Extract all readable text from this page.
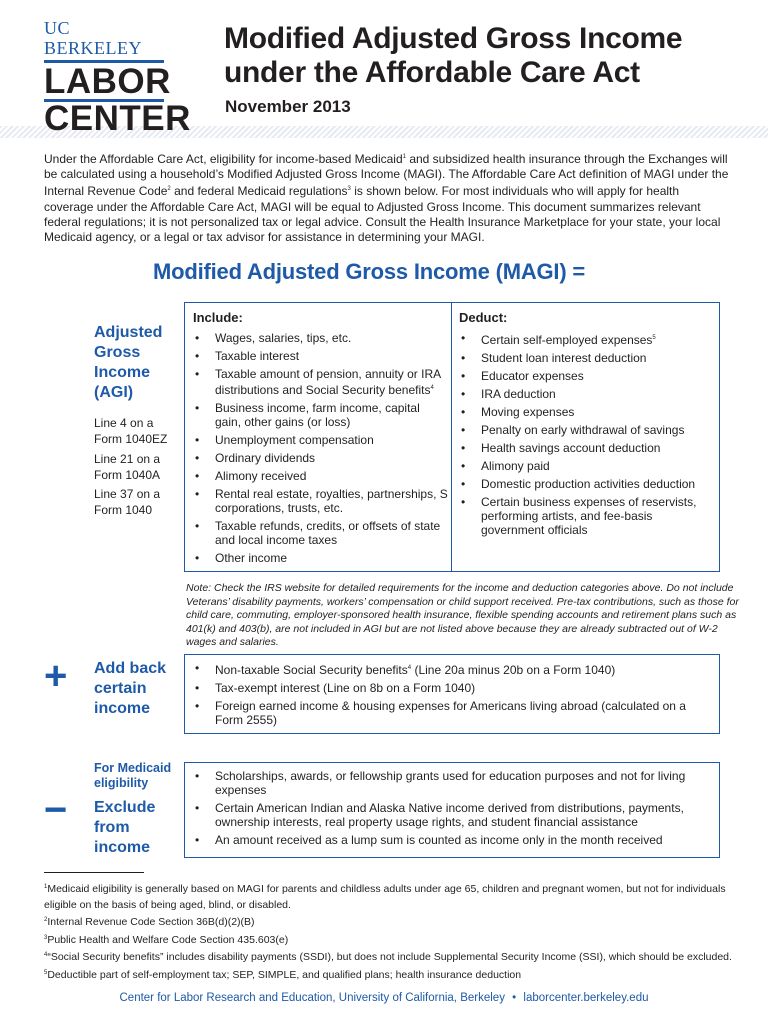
UC BERKELEY
LABOR
CENTER
Modified Adjusted Gross Income
under the Affordable Care Act
November 2013
Under the Affordable Care Act, eligibility for income-based Medicaid$^1$ and subsidized health insurance through the Exchanges will be calculated using a household’s Modified Adjusted Gross Income (MAGI). The Affordable Care Act definition of MAGI under the Internal Revenue Code$^2$ and federal Medicaid regulations$^3$ is shown below. For most individuals who will apply for health coverage under the Affordable Care Act, MAGI will be equal to Adjusted Gross Income. This document summarizes relevant federal regulations; it is not personalized tax or legal advice. Consult the Health Insurance Marketplace for your state, your local Medicaid agency, or a legal or tax advisor for assistance in determining your MAGI.
Modified Adjusted Gross Income (MAGI) =
Adjusted
Gross
Income
(AGI)
Line 4 on a
Form 1040EZ
Line 21 on a
Form 1040A
Line 37 on a
Form 1040
Include:
• Wages, salaries, tips, etc.
• Taxable interest
• Taxable amount of pension, annuity or IRA distributions and Social Security benefits$^4$
• Business income, farm income, capital gain, other gains (or loss)
• Unemployment compensation
• Ordinary dividends
• Alimony received
• Rental real estate, royalties, partnerships, S corporations, trusts, etc.
• Taxable refunds, credits, or offsets of state and local income taxes
• Other income
Deduct:
• Certain self-employed expenses$^5$
• Student loan interest deduction
• Educator expenses
• IRA deduction
• Moving expenses
• Penalty on early withdrawal of savings
• Health savings account deduction
• Alimony paid
• Domestic production activities deduction
• Certain business expenses of reservists, performing artists, and fee-basis government officials
Note: Check the IRS website for detailed requirements for the income and deduction categories above. Do not include Veterans’ disability payments, workers’ compensation or child support received. Pre-tax contributions, such as those for child care, commuting, employer-sponsored health insurance, flexible spending accounts and retirement plans such as 401(k) and 403(b), are not included in AGI but are not listed above because they are already subtracted out of W-2 wages and salaries.
+ Add back
certain
income
• Non-taxable Social Security benefits$^4$ (Line 20a minus 20b on a Form 1040)
• Tax-exempt interest (Line on 8b on a Form 1040)
• Foreign earned income & housing expenses for Americans living abroad (calculated on a Form 2555)
For Medicaid
eligibility
− Exclude
from
income
• Scholarships, awards, or fellowship grants used for education purposes and not for living expenses
• Certain American Indian and Alaska Native income derived from distributions, payments, ownership interests, real property usage rights, and student financial assistance
• An amount received as a lump sum is counted as income only in the month received
$^1$Medicaid eligibility is generally based on MAGI for parents and childless adults under age 65, children and pregnant women, but not for individuals eligible on the basis of being aged, blind, or disabled.
$^2$Internal Revenue Code Section 36B(d)(2)(B)
$^3$Public Health and Welfare Code Section 435.603(e)
$^4$“Social Security benefits” includes disability payments (SSDI), but does not include Supplemental Security Income (SSI), which should be excluded.
$^5$Deductible part of self-employment tax; SEP, SIMPLE, and qualified plans; health insurance deduction
Center for Labor Research and Education, University of California, Berkeley • laborcenter.berkeley.edu
